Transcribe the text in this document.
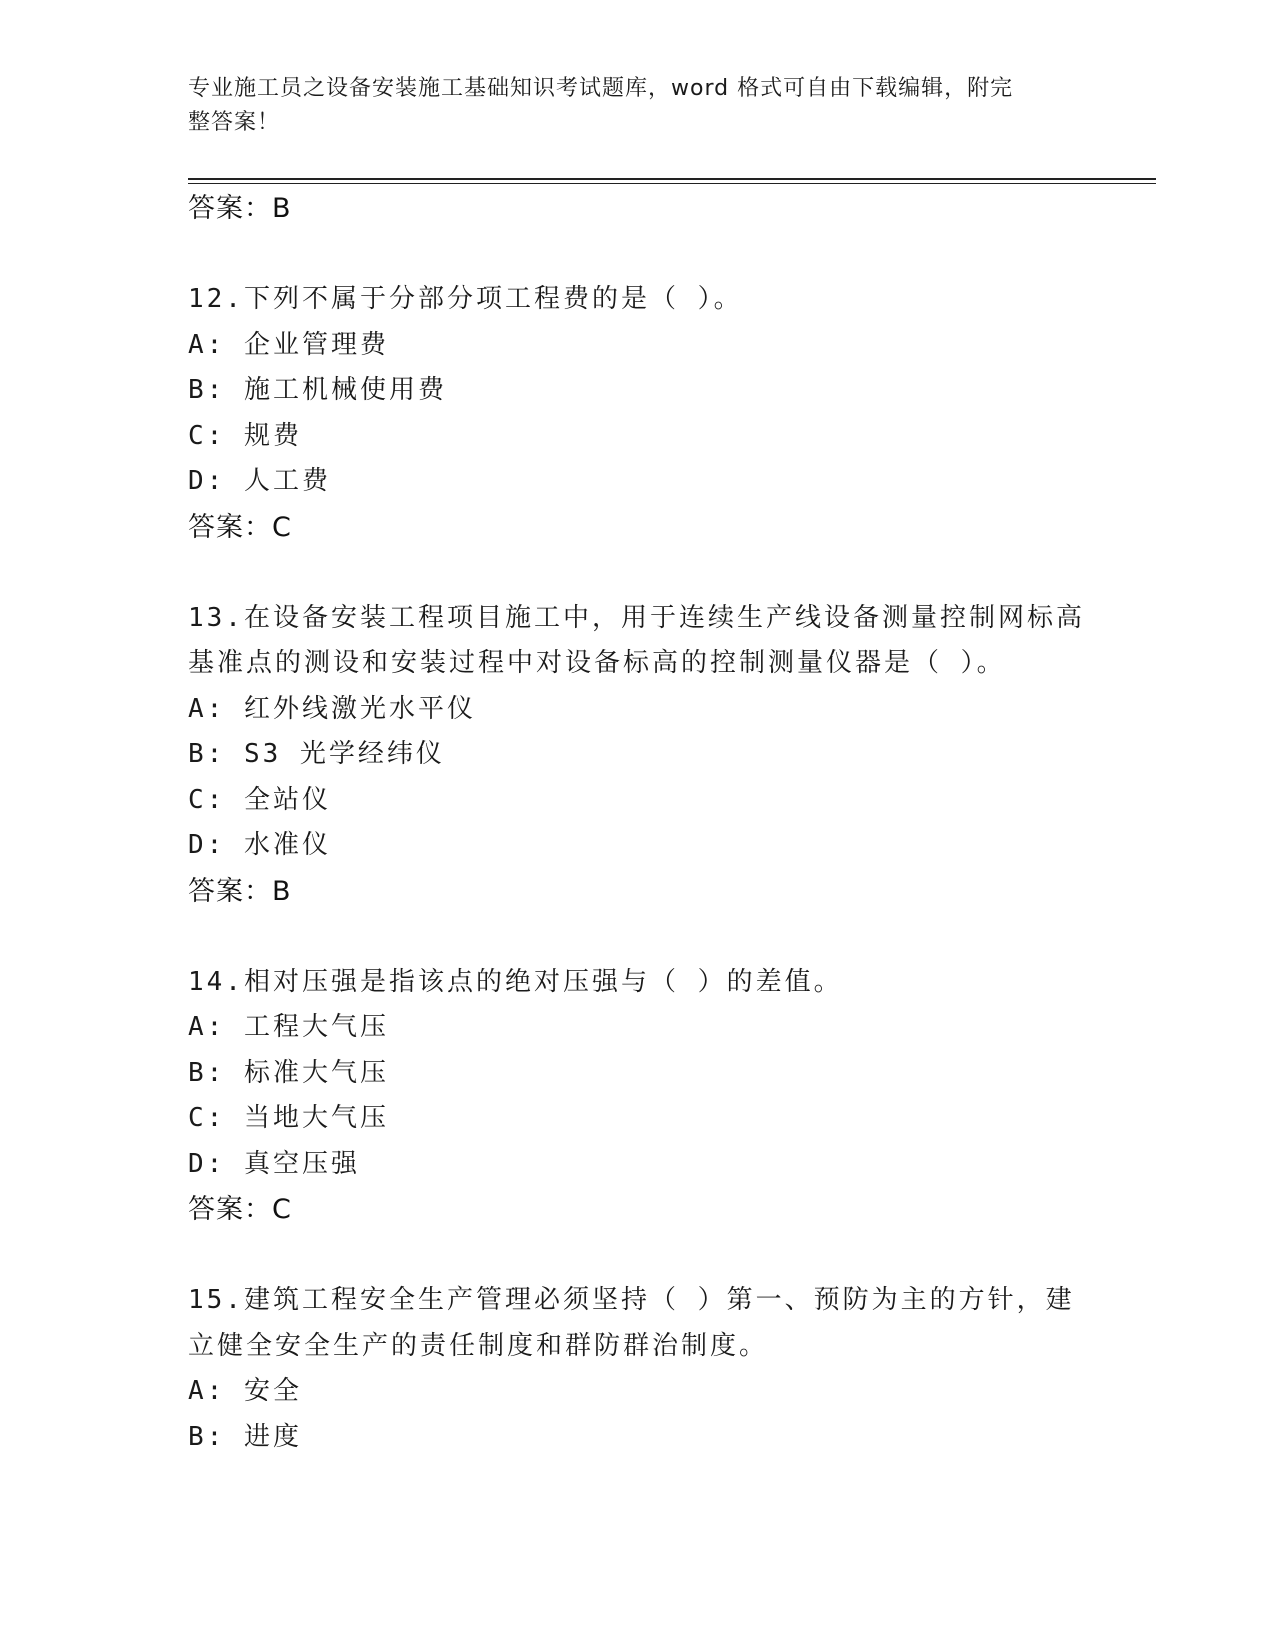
专业施工员之设备安装施工基础知识考试题库，word 格式可自由下载编辑，附完
整答案！
答案：B
12.下列不属于分部分项工程费的是（ ）。
A: 企业管理费
B: 施工机械使用费
C: 规费
D: 人工费
答案：C
13.在设备安装工程项目施工中，用于连续生产线设备测量控制网标高
基准点的测设和安装过程中对设备标高的控制测量仪器是（ ）。
A: 红外线激光水平仪
B: S3 光学经纬仪
C: 全站仪
D: 水准仪
答案：B
14.相对压强是指该点的绝对压强与（ ）的差值。
A: 工程大气压
B: 标准大气压
C: 当地大气压
D: 真空压强
答案：C
15.建筑工程安全生产管理必须坚持（ ）第一、预防为主的方针，建
立健全安全生产的责任制度和群防群治制度。
A: 安全
B: 进度
